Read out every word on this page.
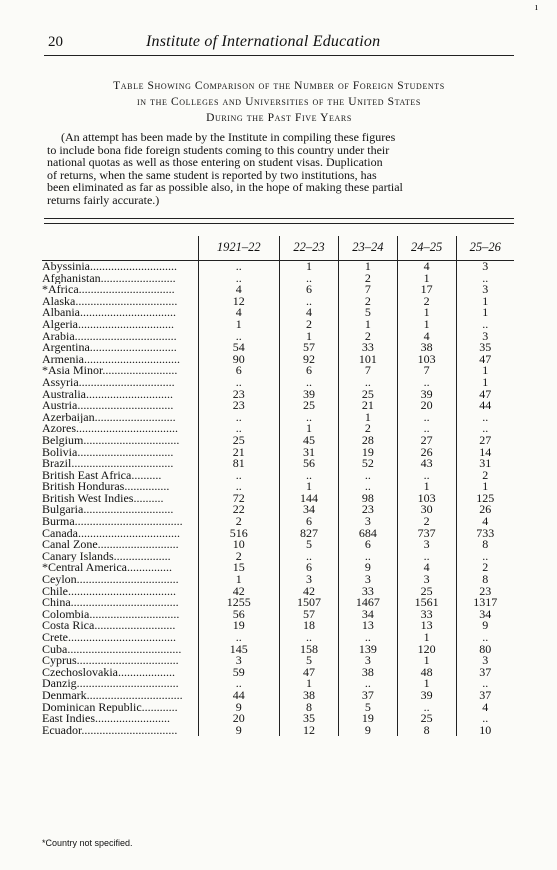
ı
20	Institute of International Education
Table Showing Comparison of the Number of Foreign Students
in the Colleges and Universities of the United States
During the Past Five Years
(An attempt has been made by the Institute in compiling these figures
to include bona fide foreign students coming to this country under their
national quotas as well as those entering on student visas. Duplication
of returns, when the same student is reported by two institutions, has
been eliminated as far as possible also, in the hope of making these partial
returns fairly accurate.)
	1921–22	22–23	23–24	24–25	25–26
Abyssinia.............................	..	1	1	4	3
Afghanistan.........................	..	..	2	1	..
*Africa................................	4	6	7	17	3
Alaska..................................	12	..	2	2	1
Albania................................	4	4	5	1	1
Algeria................................	1	2	1	1	..
Arabia..................................	..	1	2	4	3
Argentina.............................	54	57	33	38	35
Armenia................................	90	92	101	103	47
*Asia Minor.........................	6	6	7	7	1
Assyria................................	..	..	..	..	1
Australia.............................	23	39	25	39	47
Austria................................	23	25	21	20	44
Azerbaijan...........................	..	..	1	..	..
Azores..................................	..	1	2	..	..
Belgium................................	25	45	28	27	27
Bolivia................................	21	31	19	26	14
Brazil..................................	81	56	52	43	31
British East Africa..........	..	..	..	..	2
British Honduras...............	..	1	..	1	1
British West Indies..........	72	144	98	103	125
Bulgaria..............................	22	34	23	30	26
Burma....................................	2	6	3	2	4
Canada..................................	516	827	684	737	733
Canal Zone...........................	10	5	6	3	8
Canary Islands...................	2	..	..	..	..
*Central America...............	15	6	9	4	2
Ceylon..................................	1	3	3	3	8
Chile....................................	42	42	33	25	23
China....................................	1255	1507	1467	1561	1317
Colombia..............................	56	57	34	33	34
Costa Rica...........................	19	18	13	13	9
Crete....................................	..	..	..	1	..
Cuba......................................	145	158	139	120	80
Cyprus..................................	3	5	3	1	3
Czechoslovakia...................	59	47	38	48	37
Danzig..................................	..	1	..	1	..
Denmark................................	44	38	37	39	37
Dominican Republic............	9	8	5	..	4
East Indies.........................	20	35	19	25	..
Ecuador................................	9	12	9	8	10
*Country not specified.
